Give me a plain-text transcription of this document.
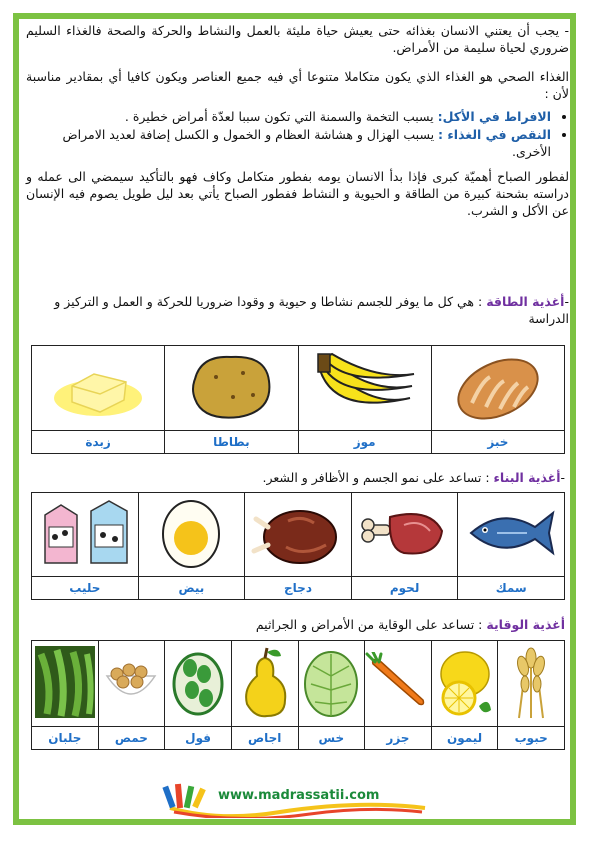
- يجب أن يعتني الانسان بغذائه حتى يعيش حياة مليئة بالعمل والنشاط والحركة والصحة فالغذاء السليم ضروري لحياة سليمة من الأمراض.

الغذاء الصحي هو الغذاء الذي يكون متكاملا متنوعا أي فيه جميع العناصر ويكون كافيا أي بمقادير مناسبة لأن :

• الافراط في الأكل: يسبب التخمة والسمنة التي تكون سببا لعدّة أمراض خطيرة .
• النقص في الغذاء : يسبب الهزال و هشاشة العظام و الخمول و الكسل إضافة لعديد الامراض الأخرى.

لفطور الصباح أهميّة كبرى فإذا بدأ الانسان يومه بفطور متكامل وكاف فهو بالتأكيد سيمضي الى عمله و دراسته بشحنة كبيرة من الطاقة و الحيوية و النشاط ففطور الصباح يأتي بعد ليل طويل يصوم فيه الإنسان عن الأكل و الشرب.

-أغذية الطاقة : هي كل ما يوفر للجسم نشاطا و حيوية و وقودا ضروريا للحركة و العمل و التركيز و الدراسة

خبز	موز	بطاطا	زبدة
-أغذية البناء : تساعد على نمو الجسم و الأظافر و الشعر.

سمك	لحوم	دجاج	بيض	حليب
أغذية الوقاية : تساعد على الوقاية من الأمراض و الجراثيم

حبوب	ليمون	جزر	خس	اجاص	فول	حمص	جلبان
www.madrassatii.com
